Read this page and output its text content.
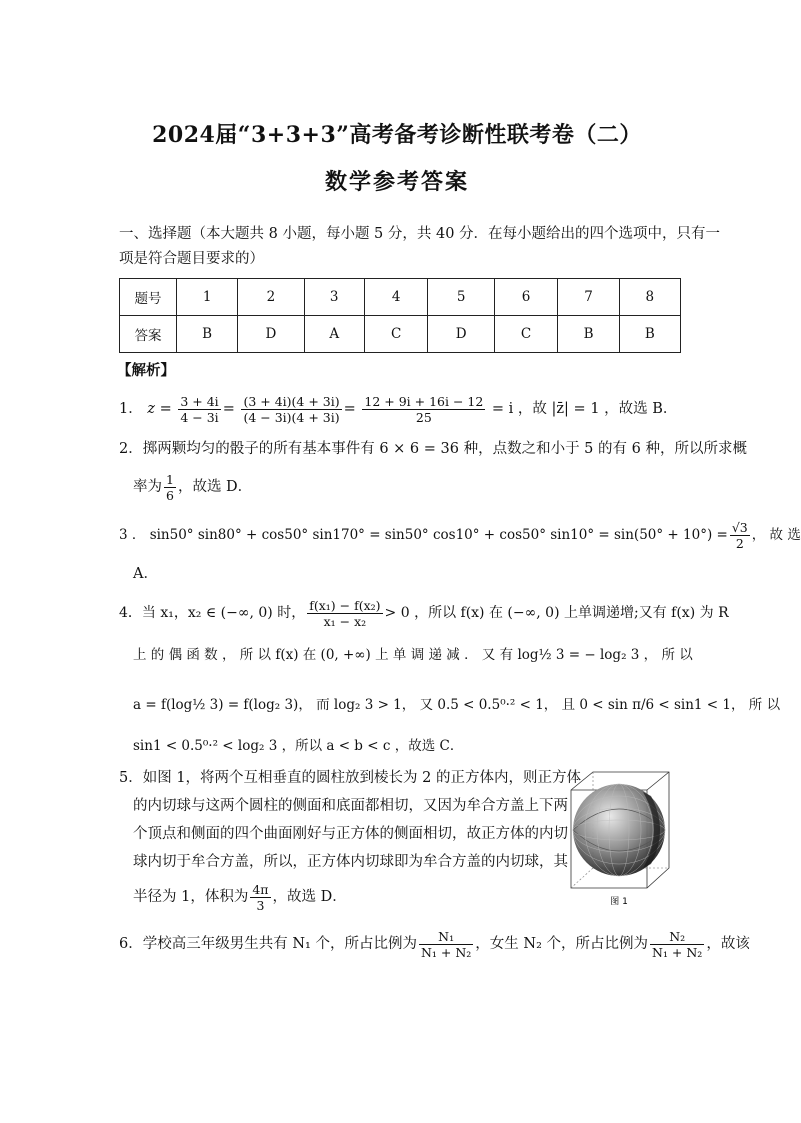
2024届“3+3+3”高考备考诊断性联考卷（二）
数学参考答案
一、选择题（本大题共 8 小题，每小题 5 分，共 40 分．在每小题给出的四个选项中，只有一
项是符合题目要求的）
题号	1	2	3	4	5	6	7	8
答案	B	D	A	C	D	C	B	B
【解析】
1． $z = \frac{3 + 4i}{4 - 3i} = \frac{(3 + 4i)(4 + 3i)}{(4 - 3i)(4 + 3i)} = \frac{12 + 9i + 16i - 12}{25} = i$ ，故 |z̄| = 1 ，故选 B．
2．掷两颗均匀的骰子的所有基本事件有 6 × 6 = 36 种，点数之和小于 5 的有 6 种，所以所求概
率为 $\frac{1}{6}$ ，故选 D．
3 ． sin50° sin80° + cos50° sin170° = sin50° cos10° + cos50° $\sin 10^\circ = \sin(50^\circ + 10^\circ) = \frac{√3}{2}$ ， 故 选
A．
4．当 x₁，x₂ ∈ (−∞, 0) 时， $\frac{\text{f(x₁) − f(x₂)}}{\text{x₁ − x₂}} > 0$ ，所以 f(x) 在 (−∞, 0) 上单调递增;又有 f(x) 为 R
上 的 偶 函 数 ， 所 以 f(x) 在 (0, +∞) 上 单 调 递 减 ． 又 有 log½ 3 = − log₂ 3 ， 所 以
a = f(log½ 3) = f(log₂ 3)， 而 log₂ 3 > 1， 又 0.5 < 0.5⁰·² < 1， 且 0 < sin π/6 < sin1 < 1， 所 以
sin1 < 0.5⁰·² < log₂ 3 ，所以 a < b < c ，故选 C．
5．如图 1，将两个互相垂直的圆柱放到棱长为 2 的正方体内，则正方体
的内切球与这两个圆柱的侧面和底面都相切，又因为牟合方盖上下两
个顶点和侧面的四个曲面刚好与正方体的侧面相切，故正方体的内切
球内切于牟合方盖，所以，正方体内切球即为牟合方盖的内切球，其
半径为 1，体积为 $\frac{4\pi}{3}$ ，故选 D．	图 1
6．学校高三年级男生共有 N₁ 个，所占比例为 $\frac{\text{N₁}}{\text{N₁ + N₂}}$ ，女生 N₂ 个，所占比例为 $\frac{\text{N₂}}{\text{N₁ + N₂}}$ ，故该
